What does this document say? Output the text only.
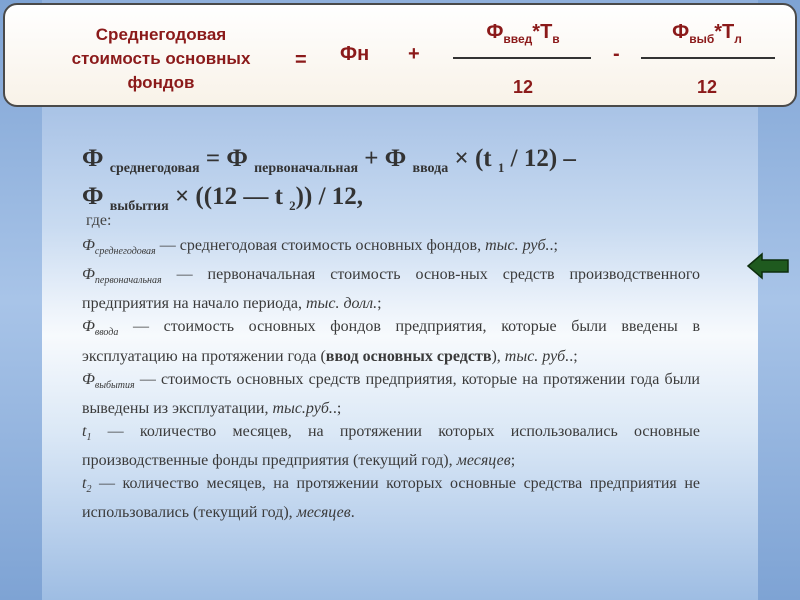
Среднегодовая
стоимость основных
фондов
= Фн +
$Ф_{введ}*Т_в$
12
-
$Ф_{выб}*Т_л$
12
Ф $_{среднегодовая}$ = Ф $_{первоначальная}$ + Ф $_{ввода}$ × (t $_1$ / 12) –
Ф $_{выбытия}$ × ((12 — t $_2$)) / 12,
где:

$Ф_{среднегодовая}$ — среднегодовая стоимость основных фондов, тыс. руб..;

$Ф_{первоначальная}$ — первоначальная стоимость основ-ных средств производственного предприятия на начало периода, тыс. долл.;

$Ф_{ввода}$ — стоимость основных фондов предприятия, которые были введены в эксплуатацию на протяжении года (ввод основных средств), тыс. руб..;

$Ф_{выбытия}$ — стоимость основных средств предприятия, которые на протяжении года были выведены из эксплуатации, тыс.руб..;

$t_1$ — количество месяцев, на протяжении которых использовались основные производственные фонды предприятия (текущий год), месяцев;

$t_2$ — количество месяцев, на протяжении которых основные средства предприятия не использовались (текущий год), месяцев.
